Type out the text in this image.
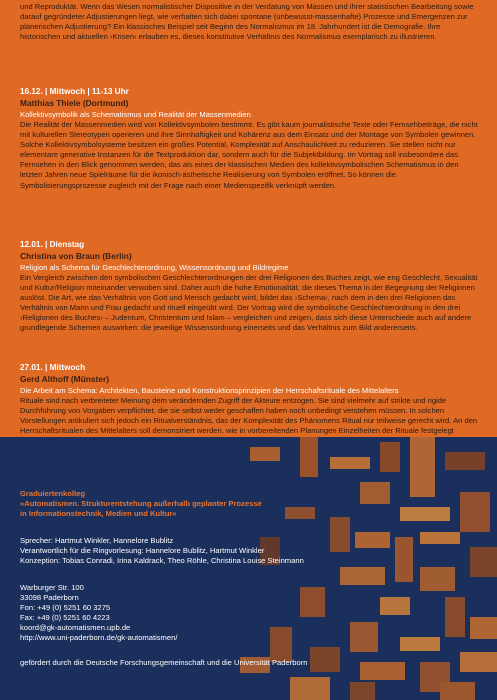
und Reproduktät. Wenn das Wesen normalistischer Dispositive in der Verdatung von Massen und ihrer statistischen Bearbeitung sowie darauf gegründeter Adjustierungen liegt, wie verhalten sich dabei spontane (unbewusst-massenhafte) Prozesse und Emergenzen zur planerischen Adjustierung? Ein klassisches Beispiel seit Beginn des Normalismus im 18. Jahrhundert ist die Demografie. Ihre historischen und aktuellen ›Krisen‹ erlauben es, dieses konstitutive Verhältnis des Normalismus exemplarisch zu illustrieren.

16.12. | Mittwoch | 11-13 Uhr
Matthias Thiele (Dortmund)
Kollektivsymbolik als Schematismus und Realität der Massenmedien

Die Realität der Massenmedien wird von Kollektivsymbolen bestimmt. Es gibt kaum journalistische Texte oder Fernsehbeiträge, die nicht mit kulturellen Stereotypen operieren und ihre Sinnhaftigkeit und Kohärenz aus dem Einsatz und der Montage von Symbolen gewinnen. Solche Kollektivsymbolsysteme besitzen ein großes Potential, Komplexität auf Anschaulichkeit zu reduzieren. Sie stellen nicht nur elementare generative Instanzen für die Textproduktion dar, sondern auch für die Subjektbildung. Im Vortrag soll insbesondere das Fernsehen in den Blick genommen werden, das als eines der klassischen Medien des kollektivsymbolischen Schematismus in den letzten Jahren neue Spielräume für die ikonisch-ästhetische Realisierung von Symbolen eröffnet. So können die Symbolisierungsprozesse zugleich mit der Frage nach einer Medienspezifik verknüpft werden.

12.01. | Dienstag
Christina von Braun (Berlin)
Religion als Schema für Geschlechterordnung, Wissensordnung und Bildregime

Ein Vergleich zwischen den symbolischen Geschlechterordnungen der drei Religionen des Buches zeigt, wie eng Geschlecht, Sexualität und Kultur/Religion miteinander verwoben sind. Daher auch die hohe Emotionalität, die dieses Thema in der Begegnung der Religionen auslöst. Die Art, wie das Verhältnis von Gott und Mensch gedacht wird, bildet das ›Schema‹, nach dem in den drei Religionen das Verhältnis von Mann und Frau gedacht und rituell eingeübt wird. Der Vortrag wird die symbolische Geschlechterordnung in den drei ›Religionen des Buches‹ – Judentum, Christentum und Islam – vergleichen und zeigen, dass sich diese Unterschiede auch auf andere grundlegende Schemen auswirken: die jeweilige Wissensordnung einerseits und das Verhältnis zum Bild andererseits.

27.01. | Mittwoch
Gerd Althoff (Münster)
Die Arbeit am Schema: Architekten, Bausteine und Konstruktionsprinzipien der Herrschaftsrituale des Mittelalters

Rituale sind nach verbreiteter Meinung dem verändernden Zugriff der Akteure entzogen. Sie sind vielmehr auf strikte und rigide Durchführung von Vorgaben verpflichtet, die sie selbst weder geschaffen haben noch unbedingt verstehen müssen. In solchen Vorstellungen artikuliert sich jedoch ein Ritualverständnis, das der Komplexität des Phänomens Ritual nur teilweise gerecht wird. An den Herrschaftsritualen des Mittelalters soll demonstriert werden, wie in vorbereitenden Planungen Einzelheiten der Rituale festgelegt

Graduiertenkolleg
»Automatismen. Strukturentstehung außerhalb geplanter Prozesse
in Informationstechnik, Medien und Kultur«
Sprecher: Hartmut Winkler, Hannelore Bublitz
Verantwortlich für die Ringvorlesung: Hannelore Bublitz, Hartmut Winkler
Konzeption: Tobias Conradi, Irina Kaldrack, Theo Röhle, Christina Louise Steinmann
Warburger Str. 100
33098 Paderborn
Fon: +49 (0) 5251 60 3275
Fax: +49 (0) 5251 60 4223
koord@gk-automatismen.upb.de
http://www.uni-paderborn.de/gk-automatismen/
gefördert durch die Deutsche Forschungsgemeinschaft und die Universität Paderborn
